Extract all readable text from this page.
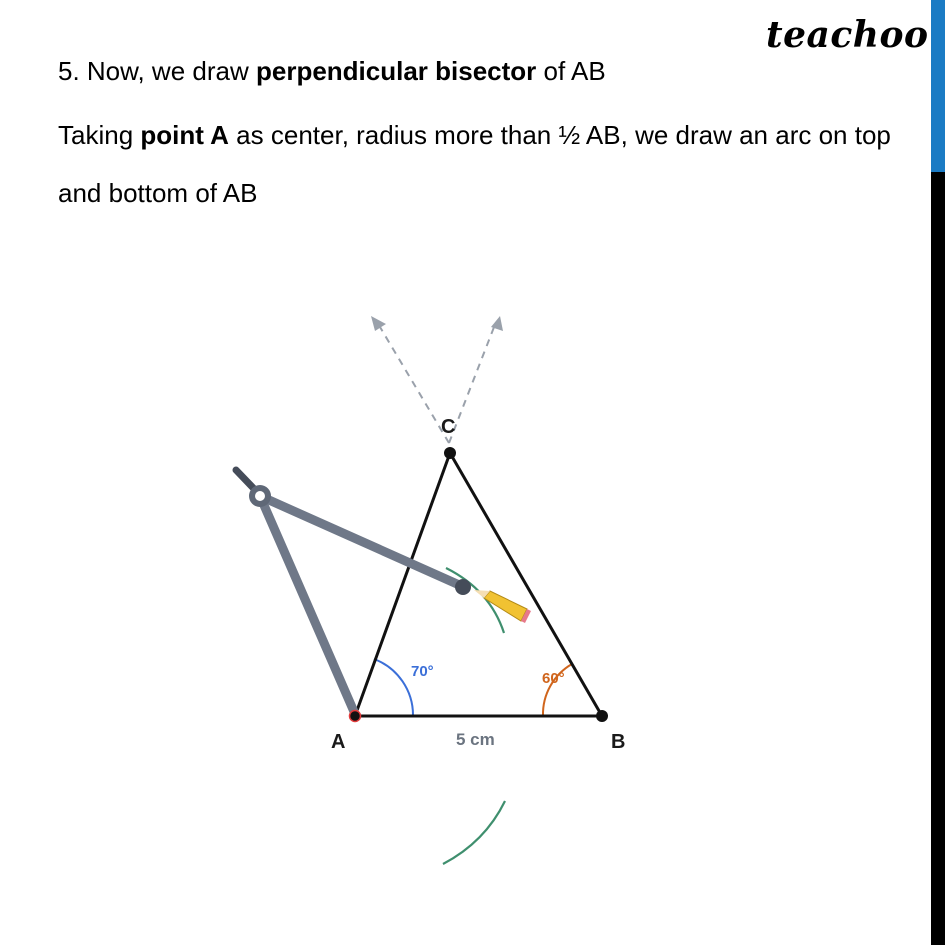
teachoo
5. Now, we draw perpendicular bisector of AB
Taking point A as center, radius more than ½ AB, we draw an arc on top and bottom of AB
A	B
C
5 cm
70°	60°
